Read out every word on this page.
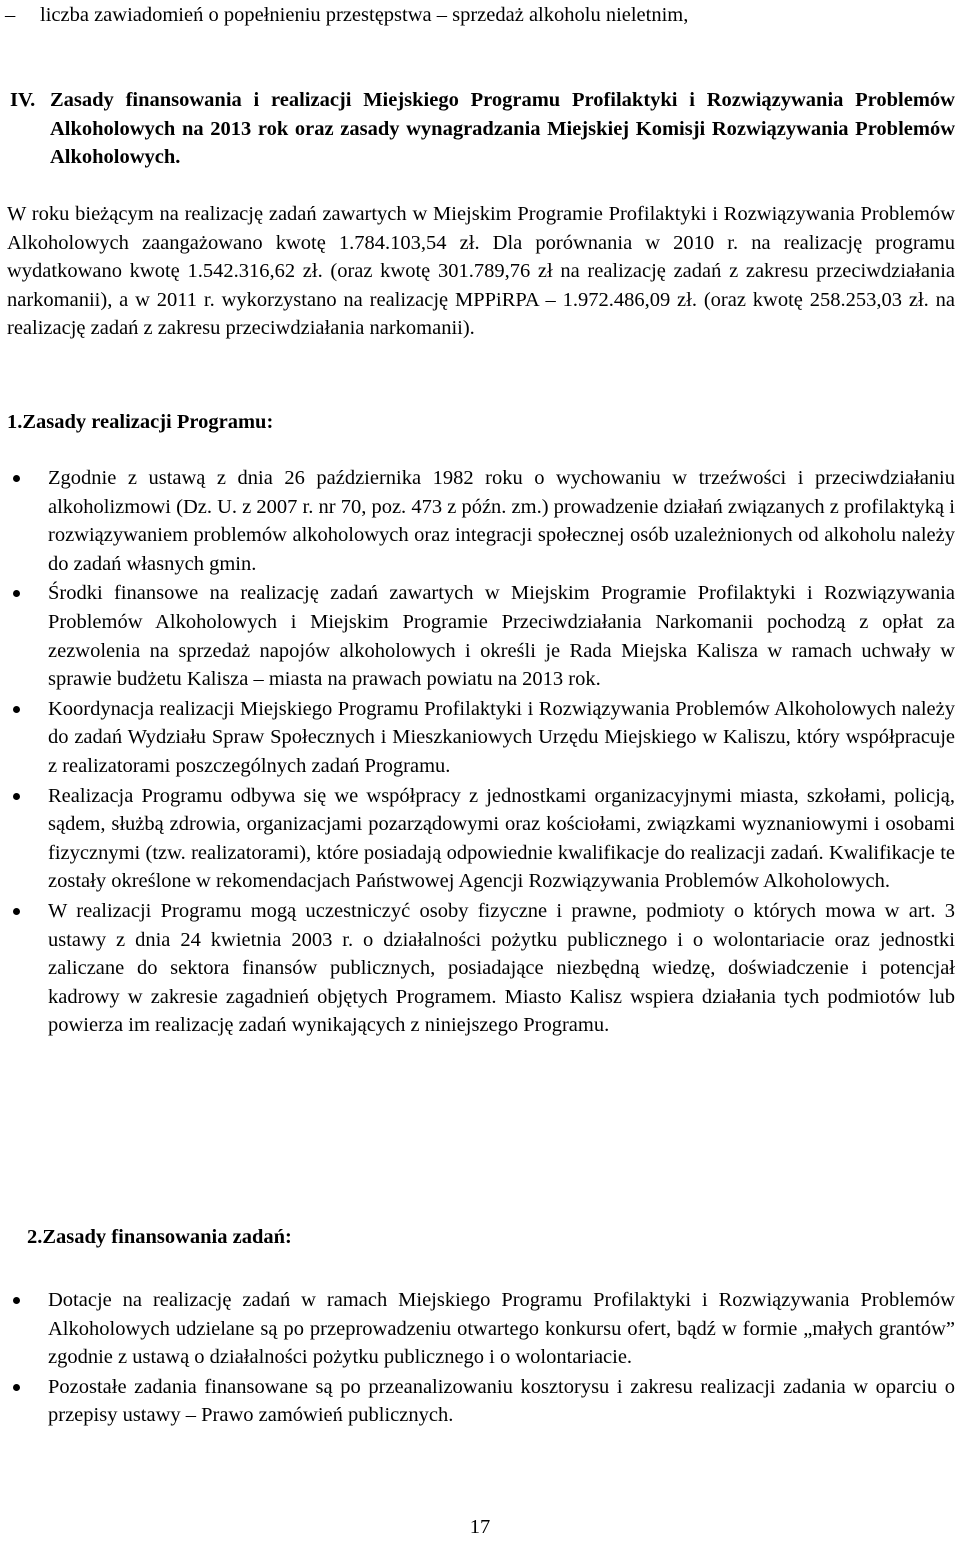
– liczba zawiadomień o popełnieniu przestępstwa – sprzedaż alkoholu nieletnim,
IV. Zasady finansowania i realizacji Miejskiego Programu Profilaktyki i Rozwiązywania Problemów Alkoholowych na 2013 rok oraz zasady wynagradzania Miejskiej Komisji Rozwiązywania Problemów Alkoholowych.
W roku bieżącym na realizację zadań zawartych w Miejskim Programie Profilaktyki i Rozwiązywania Problemów Alkoholowych zaangażowano kwotę 1.784.103,54 zł. Dla porównania w 2010 r. na realizację programu wydatkowano kwotę 1.542.316,62 zł. (oraz kwotę 301.789,76 zł na realizację zadań z zakresu przeciwdziałania narkomanii), a w 2011 r. wykorzystano na realizację MPPiRPA – 1.972.486,09 zł. (oraz kwotę 258.253,03 zł. na realizację zadań z zakresu przeciwdziałania narkomanii).
1.Zasady realizacji Programu:
Zgodnie z ustawą z dnia 26 października 1982 roku o wychowaniu w trzeźwości i przeciwdziałaniu alkoholizmowi (Dz. U. z 2007 r. nr 70, poz. 473 z późn. zm.) prowadzenie działań związanych z profilaktyką i rozwiązywaniem problemów alkoholowych oraz integracji społecznej osób uzależnionych od alkoholu należy do zadań własnych gmin.
Środki finansowe na realizację zadań zawartych w Miejskim Programie Profilaktyki i Rozwiązywania Problemów Alkoholowych i Miejskim Programie Przeciwdziałania Narkomanii pochodzą z opłat za zezwolenia na sprzedaż napojów alkoholowych i określi je Rada Miejska Kalisza w ramach uchwały w sprawie budżetu Kalisza – miasta na prawach powiatu na 2013 rok.
Koordynacja realizacji Miejskiego Programu Profilaktyki i Rozwiązywania Problemów Alkoholowych należy do zadań Wydziału Spraw Społecznych i Mieszkaniowych Urzędu Miejskiego w Kaliszu, który współpracuje z realizatorami poszczególnych zadań Programu.
Realizacja Programu odbywa się we współpracy z jednostkami organizacyjnymi miasta, szkołami, policją, sądem, służbą zdrowia, organizacjami pozarządowymi oraz kościołami, związkami wyznaniowymi i osobami fizycznymi (tzw. realizatorami), które posiadają odpowiednie kwalifikacje do realizacji zadań. Kwalifikacje te zostały określone w rekomendacjach Państwowej Agencji Rozwiązywania Problemów Alkoholowych.
W realizacji Programu mogą uczestniczyć osoby fizyczne i prawne, podmioty o których mowa w art. 3 ustawy z dnia 24 kwietnia 2003 r. o działalności pożytku publicznego i o wolontariacie oraz jednostki zaliczane do sektora finansów publicznych, posiadające niezbędną wiedzę, doświadczenie i potencjał kadrowy w zakresie zagadnień objętych Programem. Miasto Kalisz wspiera działania tych podmiotów lub powierza im realizację zadań wynikających z niniejszego Programu.
2.Zasady finansowania zadań:
Dotacje na realizację zadań w ramach Miejskiego Programu Profilaktyki i Rozwiązywania Problemów Alkoholowych udzielane są po przeprowadzeniu otwartego konkursu ofert, bądź w formie „małych grantów” zgodnie z ustawą o działalności pożytku publicznego i o wolontariacie.
Pozostałe zadania finansowane są po przeanalizowaniu kosztorysu i zakresu realizacji zadania w oparciu o przepisy ustawy – Prawo zamówień publicznych.
17
